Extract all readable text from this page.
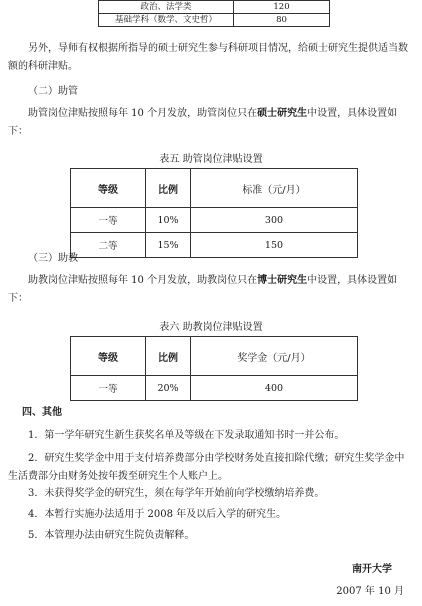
政治、法学类	120
基础学科（数学、文史哲）	80
另外，导师有权根据所指导的硕士研究生参与科研项目情况，给硕士研究生提供适当数额的科研津贴。
（二）助管
助管岗位津贴按照每年 10 个月发放，助管岗位只在硕士研究生中设置，具体设置如下：
表五 助管岗位津贴设置
等级	比例	标准（元/月）
一等	10%	300
二等	15%	150
（三）助教
助教岗位津贴按照每年 10 个月发放，助教岗位只在博士研究生中设置，具体设置如下：
表六 助教岗位津贴设置
等级	比例	奖学金（元/月）
一等	20%	400
四、其他
1．第一学年研究生新生获奖名单及等级在下发录取通知书时一并公布。
2．研究生奖学金中用于支付培养费部分由学校财务处直接扣除代缴；研究生奖学金中生活费部分由财务处按年拨至研究生个人账户上。
3．未获得奖学金的研究生，须在每学年开始前向学校缴纳培养费。
4．本暂行实施办法适用于 2008 年及以后入学的研究生。
5．本管理办法由研究生院负责解释。
南开大学
2007 年 10 月
